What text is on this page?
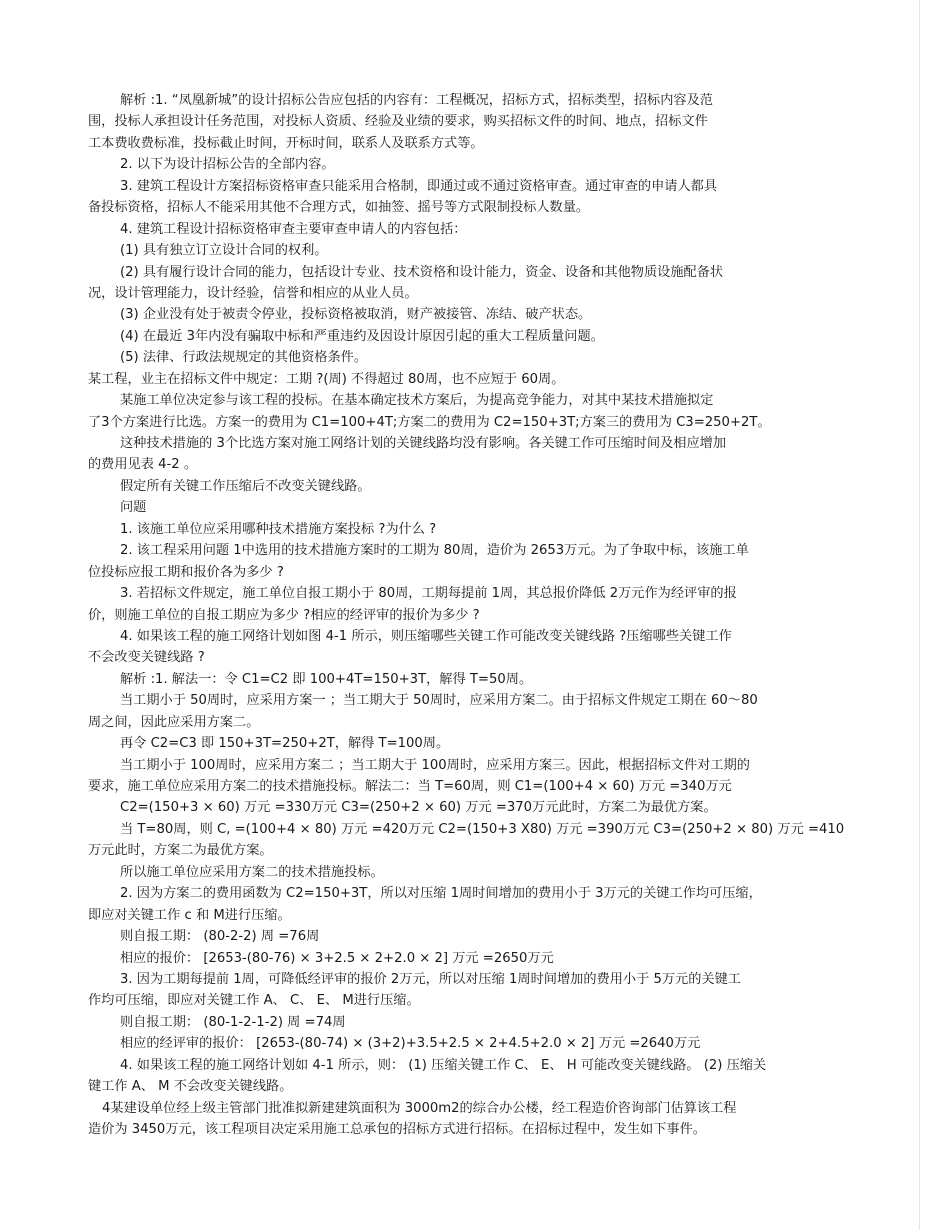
解析 :1. “凤凰新城”的设计招标公告应包括的内容有：工程概况，招标方式，招标类型，招标内容及范
围，投标人承担设计任务范围，对投标人资质、经验及业绩的要求，购买招标文件的时间、地点，招标文件
工本费收费标准，投标截止时间，开标时间，联系人及联系方式等。
2. 以下为设计招标公告的全部内容。
3. 建筑工程设计方案招标资格审查只能采用合格制，即通过或不通过资格审查。通过审查的申请人都具
备投标资格，招标人不能采用其他不合理方式，如抽签、摇号等方式限制投标人数量。
4. 建筑工程设计招标资格审查主要审查申请人的内容包括：
(1) 具有独立订立设计合同的权利。
(2) 具有履行设计合同的能力，包括设计专业、技术资格和设计能力，资金、设备和其他物质设施配备状
况，设计管理能力，设计经验，信誉和相应的从业人员。
(3) 企业没有处于被责令停业，投标资格被取消，财产被接管、冻结、破产状态。
(4) 在最近 3年内没有骗取中标和严重违约及因设计原因引起的重大工程质量问题。
(5) 法律、行政法规规定的其他资格条件。
某工程，业主在招标文件中规定：工期 ?(周) 不得超过 80周，也不应短于 60周。
某施工单位决定参与该工程的投标。在基本确定技术方案后，为提高竞争能力，对其中某技术措施拟定
了3个方案进行比选。方案一的费用为 C1=100+4T;方案二的费用为 C2=150+3T;方案三的费用为 C3=250+2T。
这种技术措施的 3个比选方案对施工网络计划的关键线路均没有影响。各关键工作可压缩时间及相应增加
的费用见表 4-2 。
假定所有关键工作压缩后不改变关键线路。
问题
1. 该施工单位应采用哪种技术措施方案投标 ?为什么 ?
2. 该工程采用问题 1中选用的技术措施方案时的工期为 80周，造价为 2653万元。为了争取中标，该施工单
位投标应报工期和报价各为多少 ?
3. 若招标文件规定，施工单位自报工期小于 80周，工期每提前 1周，其总报价降低 2万元作为经评审的报
价，则施工单位的自报工期应为多少 ?相应的经评审的报价为多少 ?
4. 如果该工程的施工网络计划如图 4-1 所示，则压缩哪些关键工作可能改变关键线路 ?压缩哪些关键工作
不会改变关键线路 ?
解析 :1. 解法一：令 C1=C2 即 100+4T=150+3T，解得 T=50周。
当工期小于 50周时，应采用方案一 ；当工期大于 50周时，应采用方案二。由于招标文件规定工期在 60～80
周之间，因此应采用方案二。
再令 C2=C3 即 150+3T=250+2T，解得 T=100周。
当工期小于 100周时，应采用方案二 ；当工期大于 100周时，应采用方案三。因此，根据招标文件对工期的
要求，施工单位应采用方案二的技术措施投标。解法二：当 T=60周，则 C1=(100+4 × 60) 万元 =340万元
C2=(150+3 × 60) 万元 =330万元 C3=(250+2 × 60) 万元 =370万元此时，方案二为最优方案。
当 T=80周，则 C, =(100+4 × 80) 万元 =420万元 C2=(150+3 X80) 万元 =390万元 C3=(250+2 × 80) 万元 =410
万元此时，方案二为最优方案。
所以施工单位应采用方案二的技术措施投标。
2. 因为方案二的费用函数为 C2=150+3T，所以对压缩 1周时间增加的费用小于 3万元的关键工作均可压缩，
即应对关键工作 c 和 M进行压缩。
则自报工期： (80-2-2) 周 =76周
相应的报价： [2653-(80-76) × 3+2.5 × 2+2.0 × 2] 万元 =2650万元
3. 因为工期每提前 1周，可降低经评审的报价 2万元，所以对压缩 1周时间增加的费用小于 5万元的关键工
作均可压缩，即应对关键工作 A、 C、 E、 M进行压缩。
则自报工期： (80-1-2-1-2) 周 =74周
相应的经评审的报价： [2653-(80-74) × (3+2)+3.5+2.5 × 2+4.5+2.0 × 2] 万元 =2640万元
4. 如果该工程的施工网络计划如 4-1 所示，则： (1) 压缩关键工作 C、 E、 H 可能改变关键线路。 (2) 压缩关
键工作 A、 M 不会改变关键线路。
4某建设单位经上级主管部门批准拟新建建筑面积为 3000m2的综合办公楼，经工程造价咨询部门估算该工程
造价为 3450万元，该工程项目决定采用施工总承包的招标方式进行招标。在招标过程中，发生如下事件。
